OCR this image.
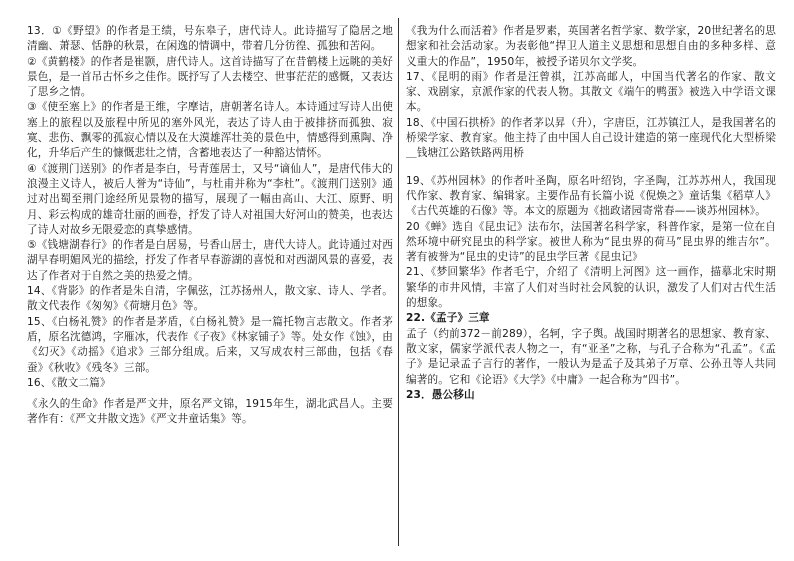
13．①《野望》的作者是王绩，号东皋子，唐代诗人。此诗描写了隐居之地清幽、萧瑟、恬静的秋景，在闲逸的情调中，带着几分彷徨、孤独和苦闷。

②《黄鹤楼》的作者是崔颢，唐代诗人。这首诗描写了在昔鹤楼上远眺的美好景色，是一首吊古怀乡之佳作。既抒写了人去楼空、世事茫茫的感慨，又表达了思乡之情。

③《使至塞上》的作者是王维，字摩诘，唐朝著名诗人。本诗通过写诗人出使塞上的旅程以及旅程中所见的塞外风光，表达了诗人由于被排挤而孤独、寂寞、悲伤、飘零的孤寂心情以及在大漠雄浑壮美的景色中，情感得到熏陶、净化，升华后产生的慷慨悲壮之情，含蓄地表达了一种豁达情怀。

④《渡荆门送别》的作者是李白，号青莲居士，又号“谪仙人”，是唐代伟大的浪漫主义诗人，被后人誉为“诗仙”，与杜甫并称为“李杜”。《渡荆门送别》通过对出蜀至荆门途经所见景物的描写，展现了一幅由高山、大江、原野、明月、彩云构成的雄奇壮丽的画卷，抒发了诗人对祖国大好河山的赞美，也表达了诗人对故乡无限爱恋的真挚感情。

⑤《钱塘湖春行》的作者是白居易，号香山居士，唐代大诗人。此诗通过对西湖早春明媚风光的描绘，抒发了作者早春游湖的喜悦和对西湖风景的喜爱，表达了作者对于自然之美的热爱之情。

14、《背影》的作者是朱自清，字佩弦，江苏扬州人，散文家、诗人、学者。散文代表作《匆匆》《荷塘月色》等。

15、《白杨礼赞》的作者是茅盾，《白杨礼赞》是一篇托物言志散文。作者茅盾，原名沈德鸿，字雁冰，代表作《子夜》《林家铺子》等。处女作《蚀》，由《幻灭》《动摇》《追求》三部分组成。后来，又写成农村三部曲，包括《春蚕》《秋收》《残冬》三部。

16、《散文二篇》

《永久的生命》作者是严文井，原名严文锦，1915年生，湖北武昌人。主要著作有：《严文井散文选》《严文井童话集》等。

《我为什么而活着》作者是罗素，英国著名哲学家、数学家，20世纪著名的思想家和社会活动家。为表彰他“捍卫人道主义思想和思想自由的多种多样、意义重大的作品”，1950年，被授予诺贝尔文学奖。

17、《昆明的雨》作者是汪曾祺，江苏高邮人，中国当代著名的作家、散文家、戏剧家，京派作家的代表人物。其散文《端午的鸭蛋》被选入中学语文课本。

18、《中国石拱桥》的作者茅以昇（升），字唐臣，江苏镇江人，是我国著名的桥梁学家、教育家。他主持了由中国人自己设计建造的第一座现代化大型桥梁＿钱塘江公路铁路两用桥

19、《苏州园林》的作者叶圣陶，原名叶绍钧，字圣陶，江苏苏州人，我国现代作家、教育家、编辑家。主要作品有长篇小说《倪焕之》童话集《稻草人》《古代英雄的石像》等。本文的原题为《拙政诸园寄常春——谈苏州园林》。

20《蝉》选自《昆虫记》法布尔，法国著名科学家，科普作家，是第一位在自然环境中研究昆虫的科学家。被世人称为“昆虫界的荷马”昆虫界的维吉尔”。著有被誉为“昆虫的史诗”的昆虫学巨著《昆虫记》

21、《梦回繁华》作者毛宁，介绍了《清明上河图》这一画作，描摹北宋时期繁华的市井风情，丰富了人们对当时社会风貌的认识，激发了人们对古代生活的想象。

22.《孟子》三章

孟子（约前372－前289），名轲，字子舆。战国时期著名的思想家、教育家、散文家，儒家学派代表人物之一，有“亚圣”之称，与孔子合称为“孔孟”。《孟子》是记录孟子言行的著作，一般认为是孟子及其弟子万章、公孙丑等人共同编著的。它和《论语》《大学》《中庸》一起合称为“四书”。

23．愚公移山
